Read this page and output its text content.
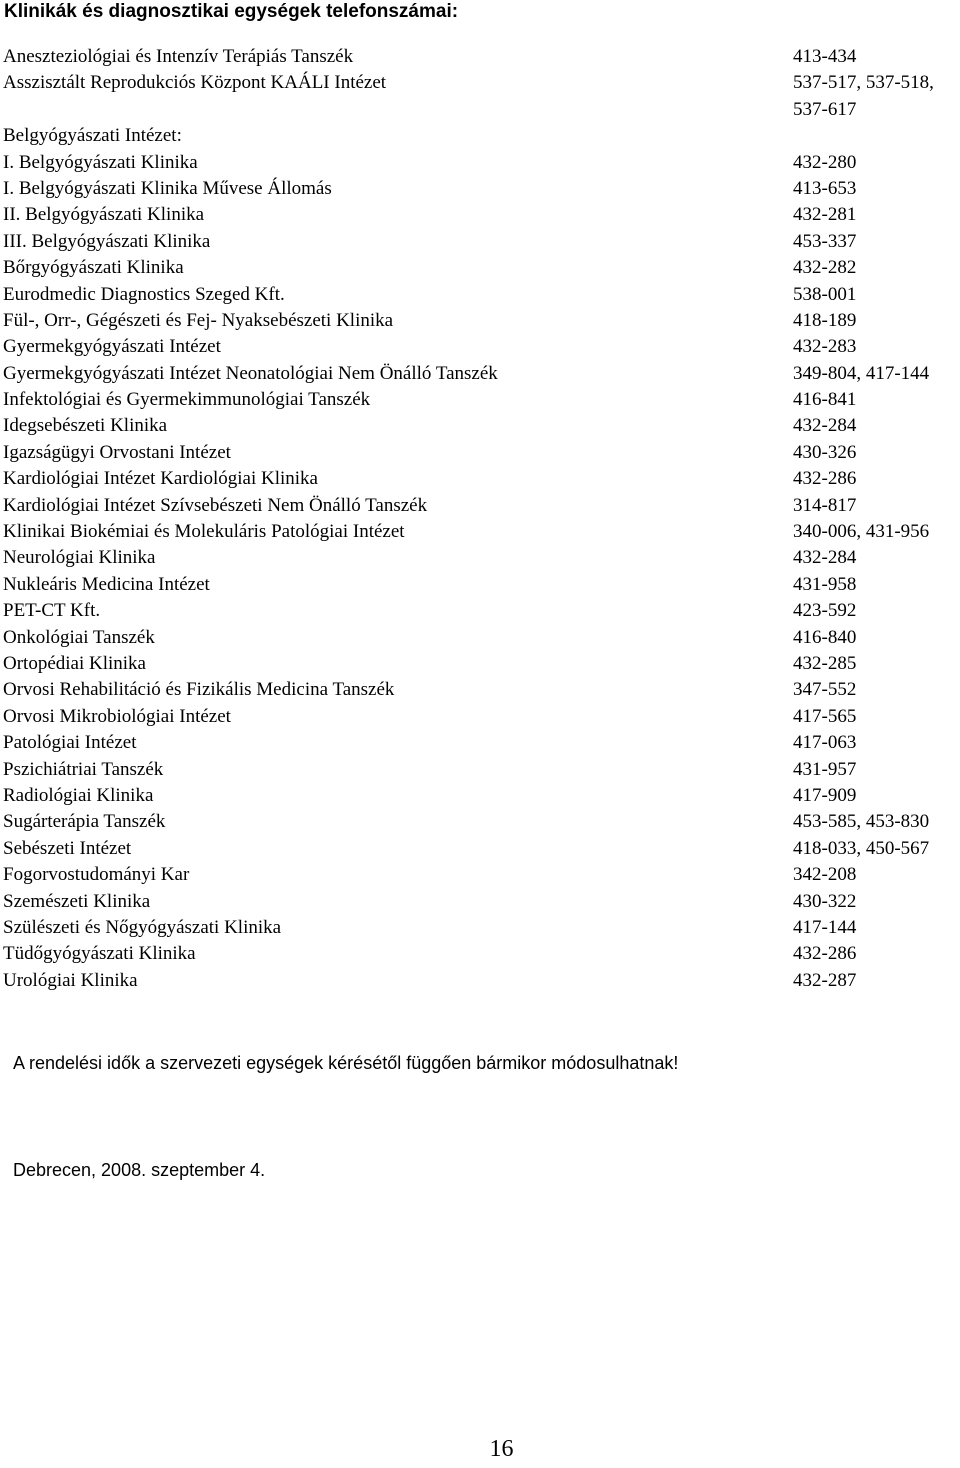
Klinikák és diagnosztikai egységek telefonszámai:
Aneszteziológiai és Intenzív Terápiás Tanszék	413-434
Asszisztált Reprodukciós Központ KAÁLI Intézet	537-517, 537-518,
537-617
Belgyógyászati Intézet:
I. Belgyógyászati Klinika	432-280
I. Belgyógyászati Klinika Művese Állomás	413-653
II. Belgyógyászati Klinika	432-281
III. Belgyógyászati Klinika	453-337
Bőrgyógyászati Klinika	432-282
Eurodmedic Diagnostics Szeged Kft.	538-001
Fül-, Orr-, Gégészeti és Fej- Nyaksebészeti Klinika	418-189
Gyermekgyógyászati Intézet	432-283
Gyermekgyógyászati Intézet Neonatológiai Nem Önálló Tanszék	349-804, 417-144
Infektológiai és Gyermekimmunológiai Tanszék	416-841
Idegsebészeti Klinika	432-284
Igazságügyi Orvostani Intézet	430-326
Kardiológiai Intézet Kardiológiai Klinika	432-286
Kardiológiai Intézet Szívsebészeti Nem Önálló Tanszék	314-817
Klinikai Biokémiai és Molekuláris Patológiai Intézet	340-006, 431-956
Neurológiai Klinika	432-284
Nukleáris Medicina Intézet	431-958
PET-CT Kft.	423-592
Onkológiai Tanszék	416-840
Ortopédiai Klinika	432-285
Orvosi Rehabilitáció és Fizikális Medicina Tanszék	347-552
Orvosi Mikrobiológiai Intézet	417-565
Patológiai Intézet	417-063
Pszichiátriai Tanszék	431-957
Radiológiai Klinika	417-909
Sugárterápia Tanszék	453-585, 453-830
Sebészeti Intézet	418-033, 450-567
Fogorvostudományi Kar	342-208
Szemészeti Klinika	430-322
Szülészeti és Nőgyógyászati Klinika	417-144
Tüdőgyógyászati Klinika	432-286
Urológiai Klinika	432-287
A rendelési idők a szervezeti egységek kérésétől függően bármikor módosulhatnak!
Debrecen, 2008. szeptember 4.
16
